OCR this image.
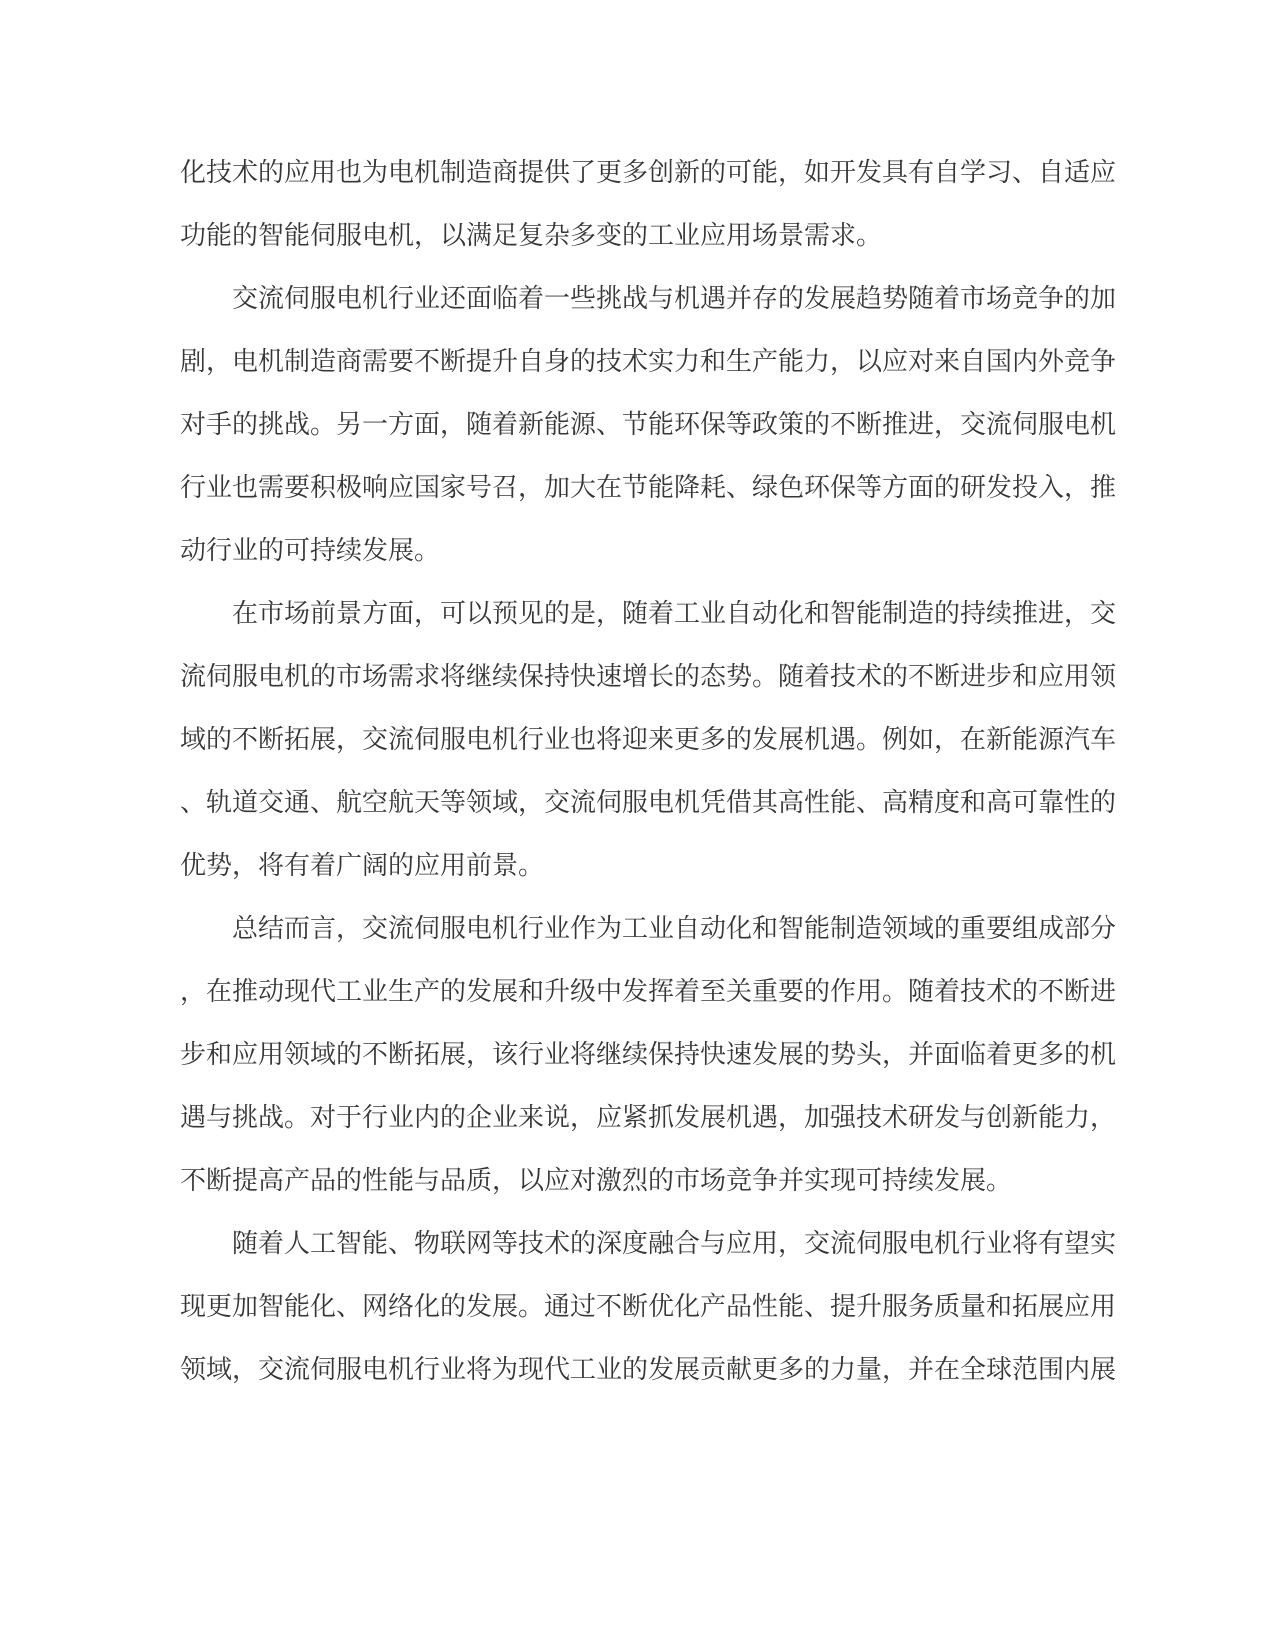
化技术的应用也为电机制造商提供了更多创新的可能，如开发具有自学习、自适应
功能的智能伺服电机，以满足复杂多变的工业应用场景需求。
交流伺服电机行业还面临着一些挑战与机遇并存的发展趋势随着市场竞争的加
剧，电机制造商需要不断提升自身的技术实力和生产能力，以应对来自国内外竞争
对手的挑战。另一方面，随着新能源、节能环保等政策的不断推进，交流伺服电机
行业也需要积极响应国家号召，加大在节能降耗、绿色环保等方面的研发投入，推
动行业的可持续发展。
在市场前景方面，可以预见的是，随着工业自动化和智能制造的持续推进，交
流伺服电机的市场需求将继续保持快速增长的态势。随着技术的不断进步和应用领
域的不断拓展，交流伺服电机行业也将迎来更多的发展机遇。例如，在新能源汽车
、轨道交通、航空航天等领域，交流伺服电机凭借其高性能、高精度和高可靠性的
优势，将有着广阔的应用前景。
总结而言，交流伺服电机行业作为工业自动化和智能制造领域的重要组成部分
，在推动现代工业生产的发展和升级中发挥着至关重要的作用。随着技术的不断进
步和应用领域的不断拓展，该行业将继续保持快速发展的势头，并面临着更多的机
遇与挑战。对于行业内的企业来说，应紧抓发展机遇，加强技术研发与创新能力，
不断提高产品的性能与品质，以应对激烈的市场竞争并实现可持续发展。
随着人工智能、物联网等技术的深度融合与应用，交流伺服电机行业将有望实
现更加智能化、网络化的发展。通过不断优化产品性能、提升服务质量和拓展应用
领域，交流伺服电机行业将为现代工业的发展贡献更多的力量，并在全球范围内展
